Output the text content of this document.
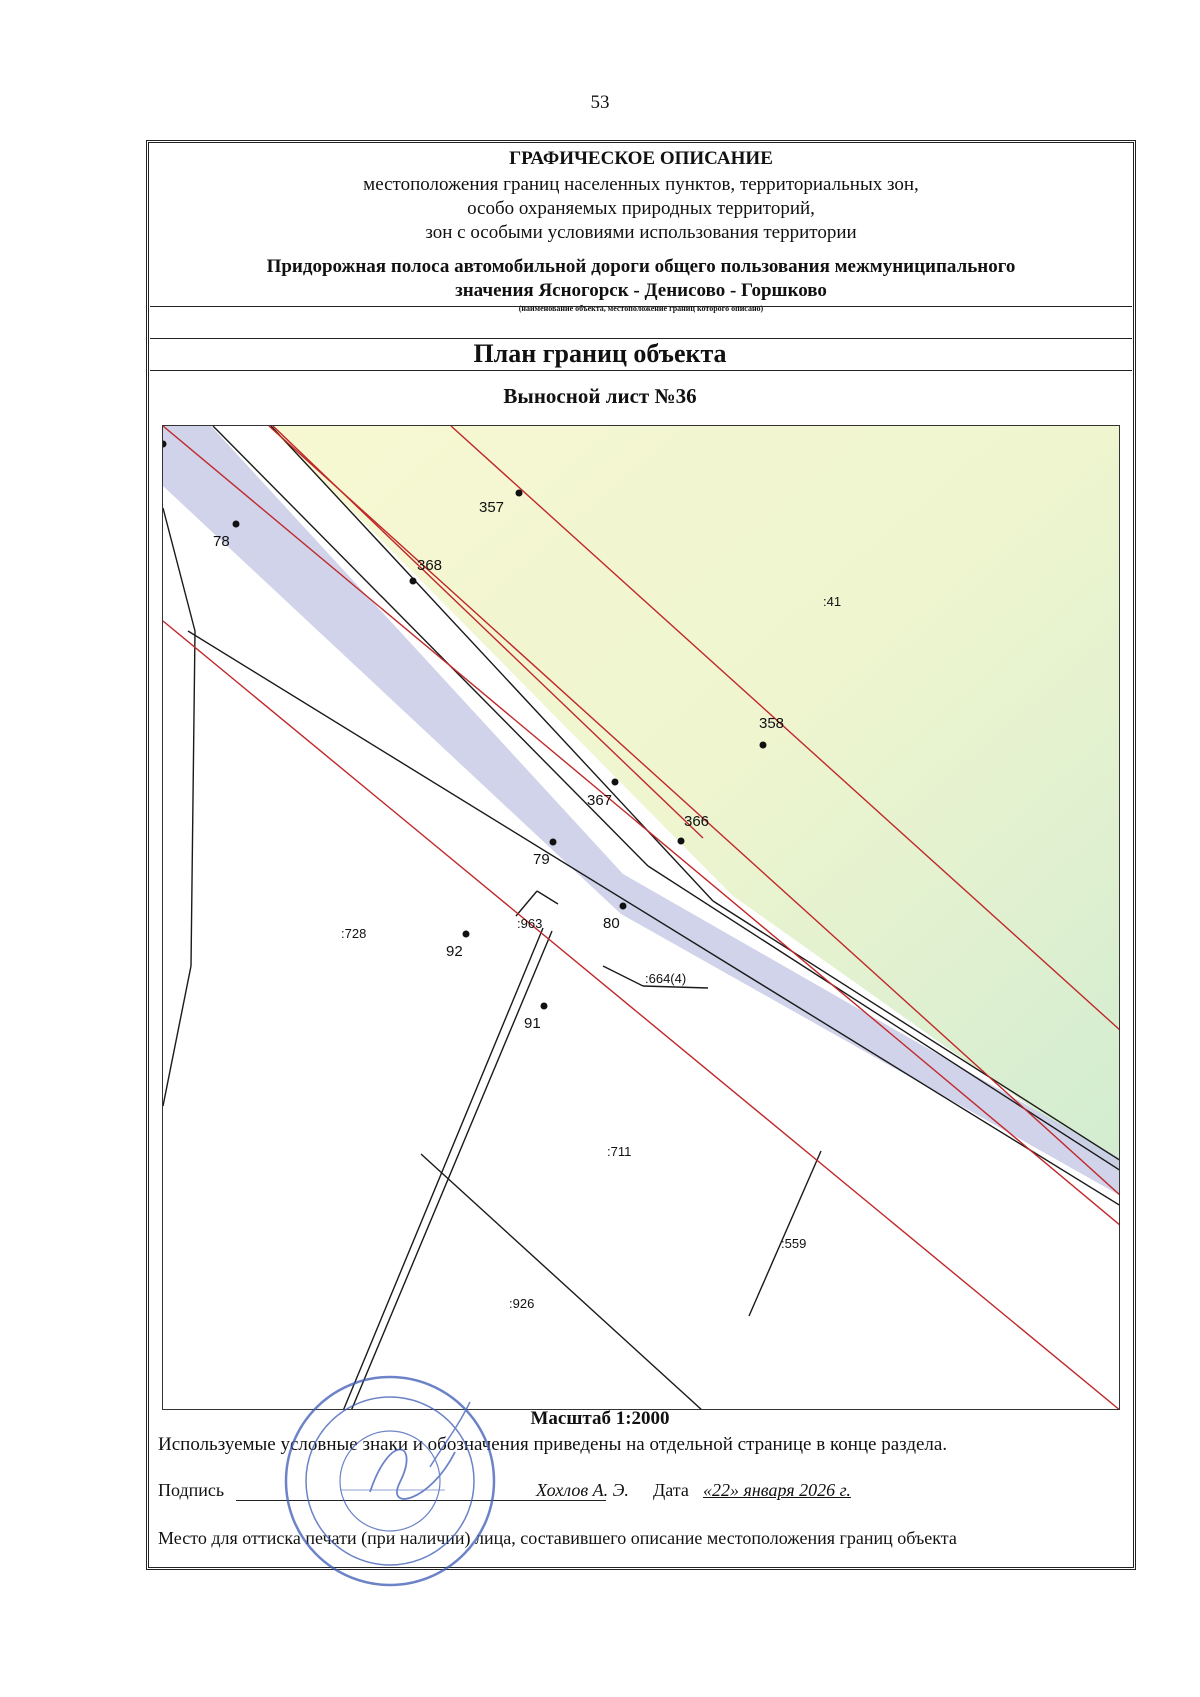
53
ГРАФИЧЕСКОЕ ОПИСАНИЕ
местоположения границ населенных пунктов, территориальных зон,
особо охраняемых природных территорий,
зон с особыми условиями использования территории
Придорожная полоса автомобильной дороги общего пользования межмуниципального
значения Ясногорск - Денисово - Горшково
(наименование объекта, местоположение границ которого описано)
План границ объекта
Выносной лист №36
357
368
78
358
367
366
79
80
92
91
:41
:728
:963
:664(4)
:711
:559
:926
Масштаб 1:2000
Используемые условные знаки и обозначения приведены на отдельной странице в конце раздела.
Подпись	Хохлов А. Э. Дата «22» января 2026 г.
Место для оттиска печати (при наличии) лица, составившего описание местоположения границ объекта
